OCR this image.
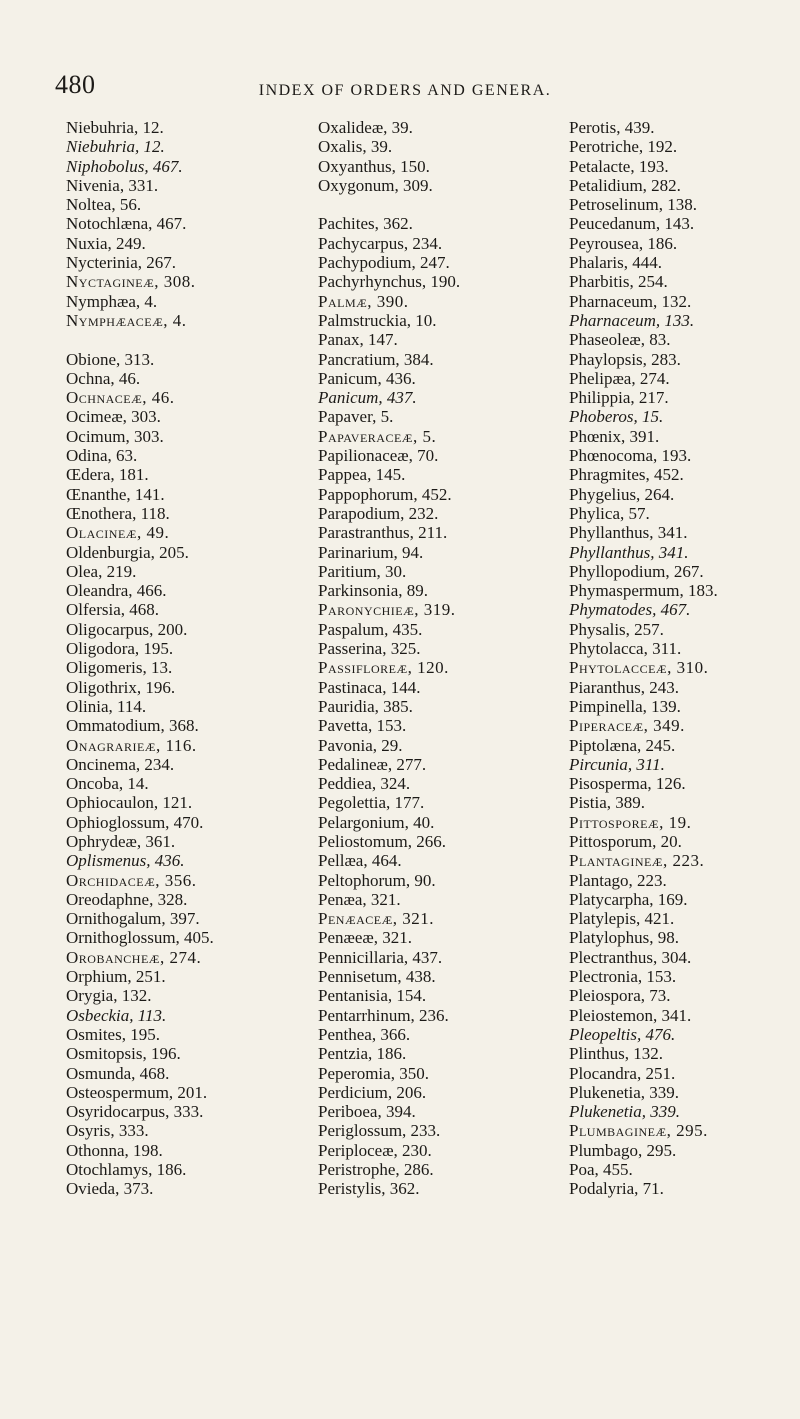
480	INDEX OF ORDERS AND GENERA.
Niebuhria, 12.
Niebuhria, 12.
Niphobolus, 467.
Nivenia, 331.
Noltea, 56.
Notochlæna, 467.
Nuxia, 249.
Nycterinia, 267.
Nyctagineæ, 308.
Nymphæa, 4.
Nymphæaceæ, 4.
Obione, 313.
Ochna, 46.
Ochnaceæ, 46.
Ocimeæ, 303.
Ocimum, 303.
Odina, 63.
Œdera, 181.
Œnanthe, 141.
Œnothera, 118.
Olacineæ, 49.
Oldenburgia, 205.
Olea, 219.
Oleandra, 466.
Olfersia, 468.
Oligocarpus, 200.
Oligodora, 195.
Oligomeris, 13.
Oligothrix, 196.
Olinia, 114.
Ommatodium, 368.
Onagrarieæ, 116.
Oncinema, 234.
Oncoba, 14.
Ophiocaulon, 121.
Ophioglossum, 470.
Ophrydeæ, 361.
Oplismenus, 436.
Orchidaceæ, 356.
Oreodaphne, 328.
Ornithogalum, 397.
Ornithoglossum, 405.
Orobancheæ, 274.
Orphium, 251.
Orygia, 132.
Osbeckia, 113.
Osmites, 195.
Osmitopsis, 196.
Osmunda, 468.
Osteospermum, 201.
Osyridocarpus, 333.
Osyris, 333.
Othonna, 198.
Otochlamys, 186.
Ovieda, 373.
Oxalideæ, 39.
Oxalis, 39.
Oxyanthus, 150.
Oxygonum, 309.
Pachites, 362.
Pachycarpus, 234.
Pachypodium, 247.
Pachyrhynchus, 190.
Palmæ, 390.
Palmstruckia, 10.
Panax, 147.
Pancratium, 384.
Panicum, 436.
Panicum, 437.
Papaver, 5.
Papaveraceæ, 5.
Papilionaceæ, 70.
Pappea, 145.
Pappophorum, 452.
Parapodium, 232.
Parastranthus, 211.
Parinarium, 94.
Paritium, 30.
Parkinsonia, 89.
Paronychieæ, 319.
Paspalum, 435.
Passerina, 325.
Passifloreæ, 120.
Pastinaca, 144.
Pauridia, 385.
Pavetta, 153.
Pavonia, 29.
Pedalineæ, 277.
Peddiea, 324.
Pegolettia, 177.
Pelargonium, 40.
Peliostomum, 266.
Pellæa, 464.
Peltophorum, 90.
Penæa, 321.
Penæaceæ, 321.
Penæeæ, 321.
Pennicillaria, 437.
Pennisetum, 438.
Pentanisia, 154.
Pentarrhinum, 236.
Penthea, 366.
Pentzia, 186.
Peperomia, 350.
Perdicium, 206.
Periboea, 394.
Periglossum, 233.
Periploceæ, 230.
Peristrophe, 286.
Peristylis, 362.
Perotis, 439.
Perotriche, 192.
Petalacte, 193.
Petalidium, 282.
Petroselinum, 138.
Peucedanum, 143.
Peyrousea, 186.
Phalaris, 444.
Pharbitis, 254.
Pharnaceum, 132.
Pharnaceum, 133.
Phaseoleæ, 83.
Phaylopsis, 283.
Phelipæa, 274.
Philippia, 217.
Phoberos, 15.
Phœnix, 391.
Phœnocoma, 193.
Phragmites, 452.
Phygelius, 264.
Phylica, 57.
Phyllanthus, 341.
Phyllanthus, 341.
Phyllopodium, 267.
Phymaspermum, 183.
Phymatodes, 467.
Physalis, 257.
Phytolacca, 311.
Phytolacceæ, 310.
Piaranthus, 243.
Pimpinella, 139.
Piperaceæ, 349.
Piptolæna, 245.
Pircunia, 311.
Pisosperma, 126.
Pistia, 389.
Pittosporeæ, 19.
Pittosporum, 20.
Plantagineæ, 223.
Plantago, 223.
Platycarpha, 169.
Platylepis, 421.
Platylophus, 98.
Plectranthus, 304.
Plectronia, 153.
Pleiospora, 73.
Pleiostemon, 341.
Pleopeltis, 476.
Plinthus, 132.
Plocandra, 251.
Plukenetia, 339.
Plukenetia, 339.
Plumbagineæ, 295.
Plumbago, 295.
Poa, 455.
Podalyria, 71.
